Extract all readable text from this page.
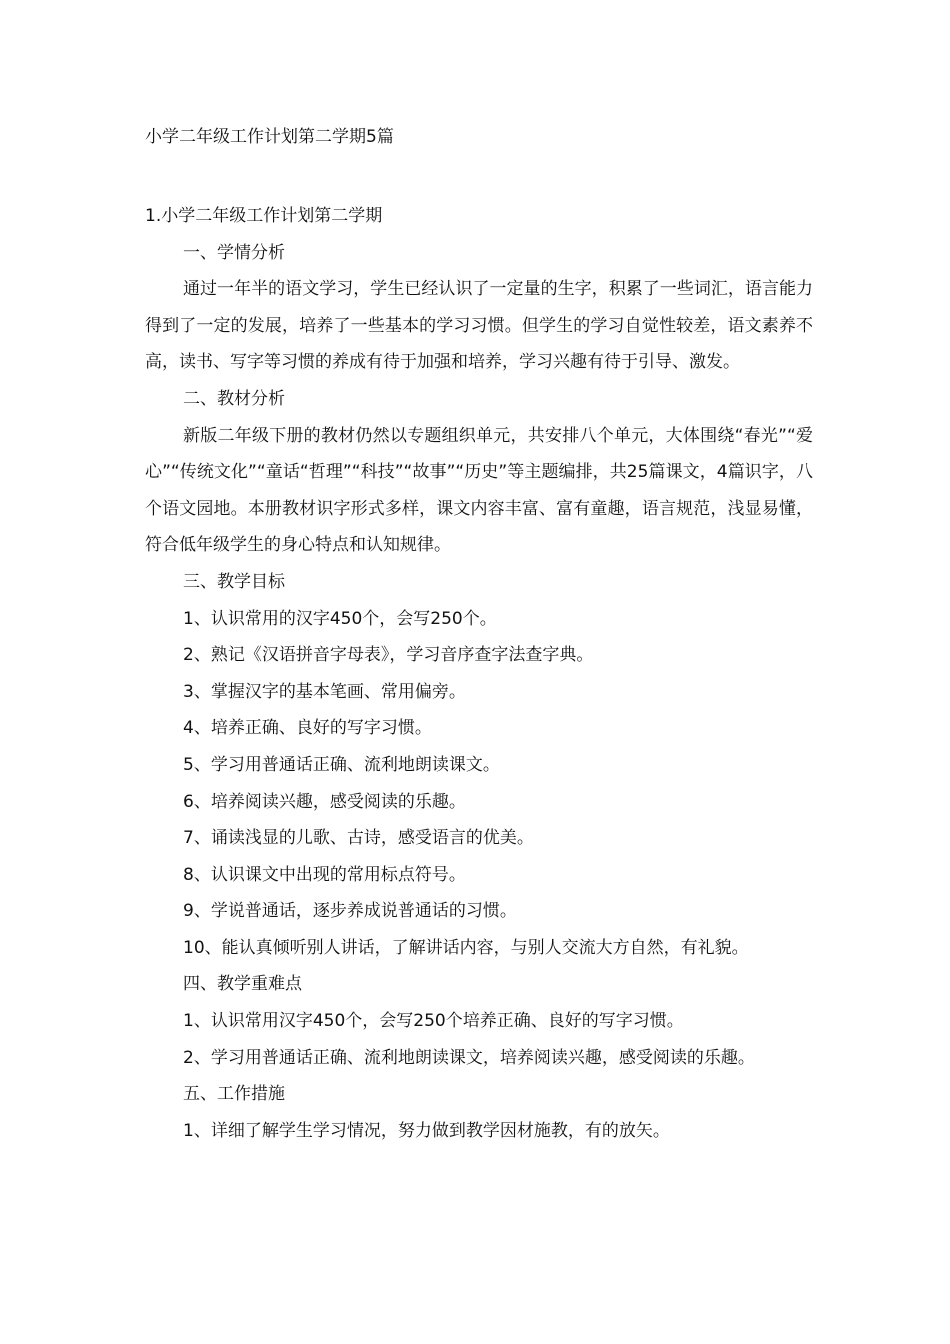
小学二年级工作计划第二学期5篇
1.小学二年级工作计划第二学期
一、学情分析
通过一年半的语文学习，学生已经认识了一定量的生字，积累了一些词汇，语言能力得到了一定的发展，培养了一些基本的学习习惯。但学生的学习自觉性较差，语文素养不高，读书、写字等习惯的养成有待于加强和培养，学习兴趣有待于引导、激发。
二、教材分析
新版二年级下册的教材仍然以专题组织单元，共安排八个单元，大体围绕“春光”“爱心”“传统文化”“童话“哲理”“科技”“故事”“历史”等主题编排，共25篇课文，4篇识字，八个语文园地。本册教材识字形式多样，课文内容丰富、富有童趣，语言规范，浅显易懂，符合低年级学生的身心特点和认知规律。
三、教学目标
1、认识常用的汉字450个，会写250个。
2、熟记《汉语拼音字母表》，学习音序查字法查字典。
3、掌握汉字的基本笔画、常用偏旁。
4、培养正确、良好的写字习惯。
5、学习用普通话正确、流利地朗读课文。
6、培养阅读兴趣，感受阅读的乐趣。
7、诵读浅显的儿歌、古诗，感受语言的优美。
8、认识课文中出现的常用标点符号。
9、学说普通话，逐步养成说普通话的习惯。
10、能认真倾听别人讲话，了解讲话内容，与别人交流大方自然，有礼貌。
四、教学重难点
1、认识常用汉字450个，会写250个培养正确、良好的写字习惯。
2、学习用普通话正确、流利地朗读课文，培养阅读兴趣，感受阅读的乐趣。
五、工作措施
1、详细了解学生学习情况，努力做到教学因材施教，有的放矢。
